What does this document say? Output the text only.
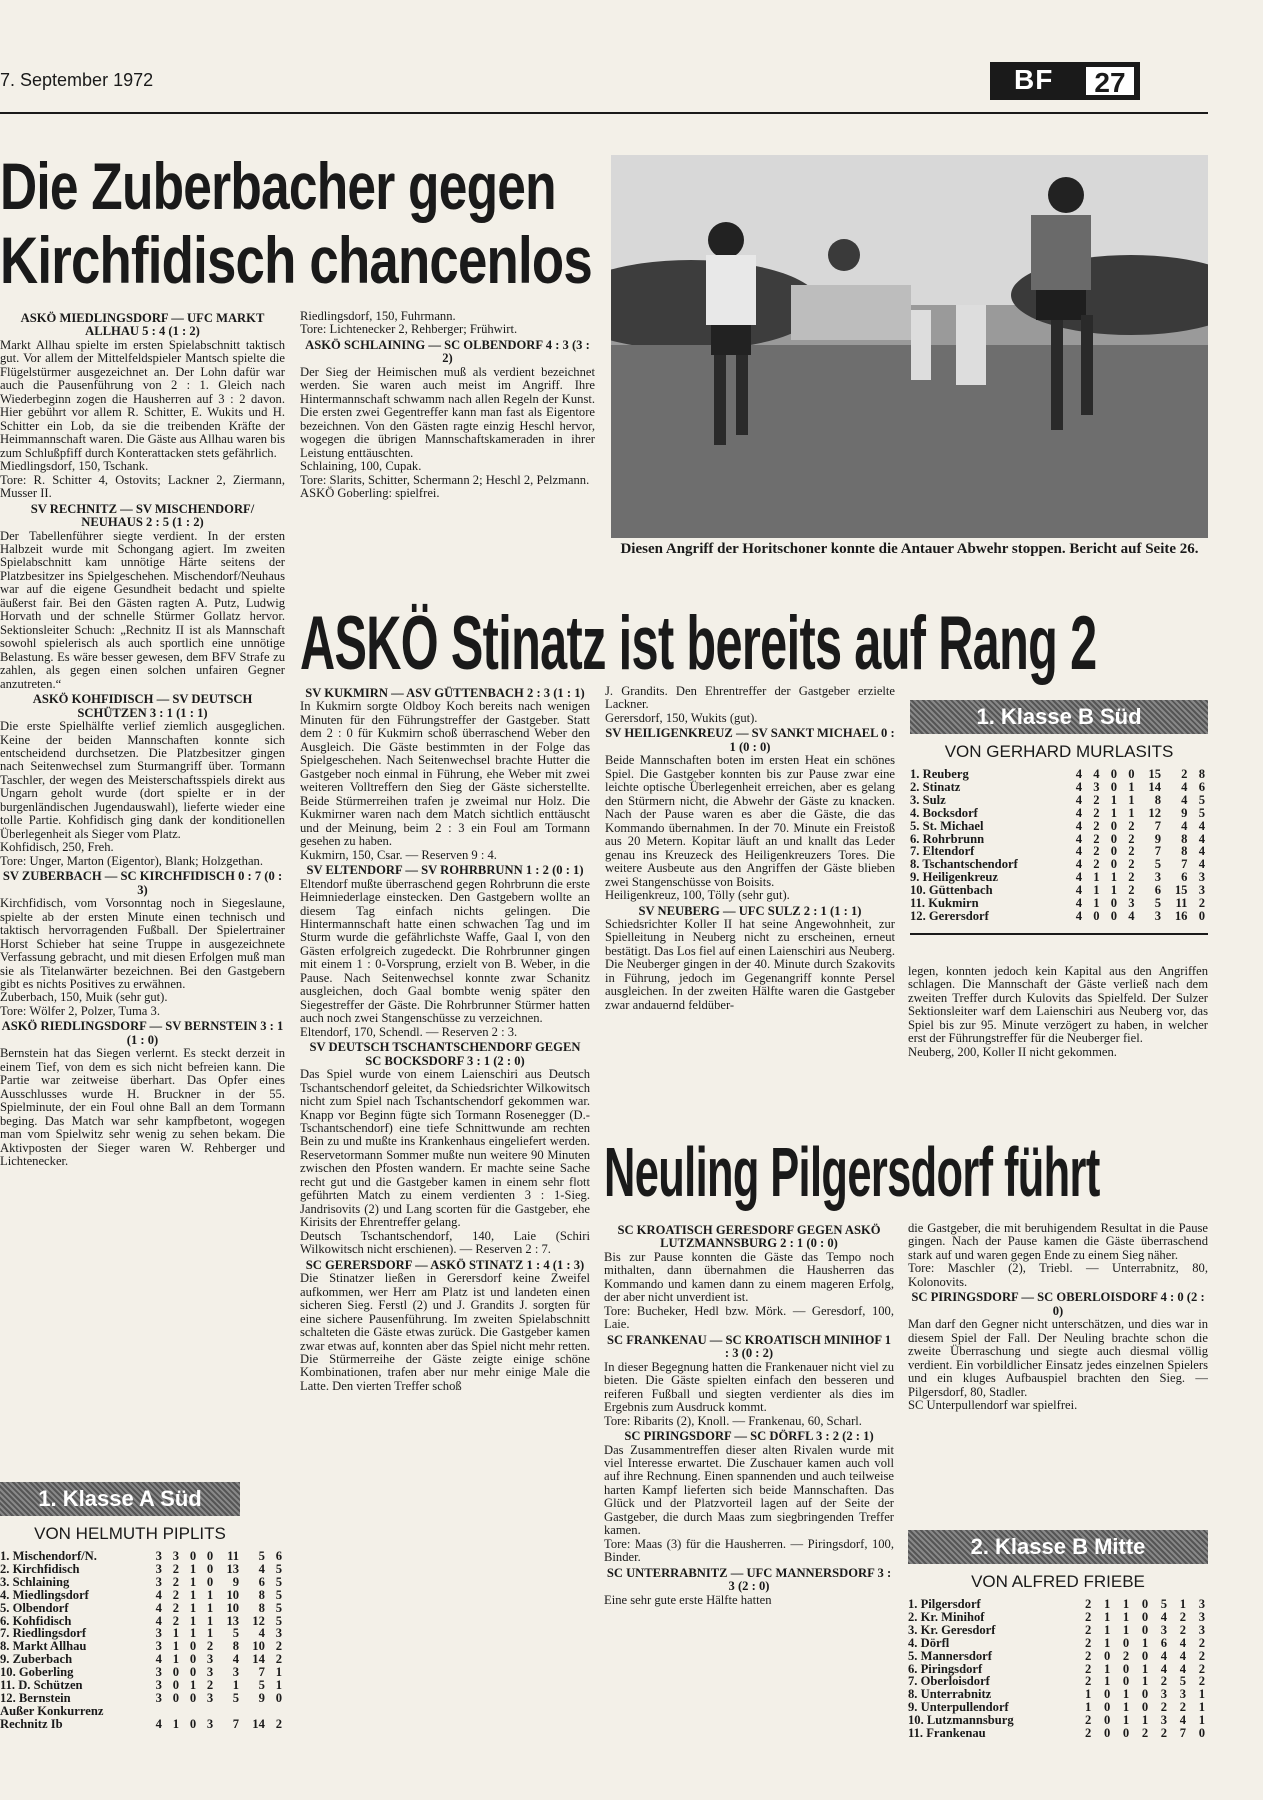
7. September 1972	BF	27
Die Zuberbacher gegen
Kirchfidisch chancenlos

ASKÖ MIEDLINGSDORF — UFC MARKT ALLHAU 5 : 4 (1 : 2)

Markt Allhau spielte im ersten Spielabschnitt taktisch gut. Vor allem der Mittelfeldspieler Mantsch spielte die Flügelstürmer ausgezeichnet an. Der Lohn dafür war auch die Pausenführung von 2 : 1. Gleich nach Wiederbeginn zogen die Hausherren auf 3 : 2 davon. Hier gebührt vor allem R. Schitter, E. Wukits und H. Schitter ein Lob, da sie die treibenden Kräfte der Heimmannschaft waren. Die Gäste aus Allhau waren bis zum Schlußpfiff durch Konterattacken stets gefährlich.

Miedlingsdorf, 150, Tschank.

Tore: R. Schitter 4, Ostovits; Lackner 2, Ziermann, Musser II.

SV RECHNITZ — SV MISCHENDORF/ NEUHAUS 2 : 5 (1 : 2)

Der Tabellenführer siegte verdient. In der ersten Halbzeit wurde mit Schongang agiert. Im zweiten Spielabschnitt kam unnötige Härte seitens der Platzbesitzer ins Spielgeschehen. Mischendorf/Neuhaus war auf die eigene Gesundheit bedacht und spielte äußerst fair. Bei den Gästen ragten A. Putz, Ludwig Horvath und der schnelle Stürmer Gollatz hervor. Sektionsleiter Schuch: „Rechnitz II ist als Mannschaft sowohl spielerisch als auch sportlich eine unnötige Belastung. Es wäre besser gewesen, dem BFV Strafe zu zahlen, als gegen einen solchen unfairen Gegner anzutreten.“

ASKÖ KOHFIDISCH — SV DEUTSCH SCHÜTZEN 3 : 1 (1 : 1)

Die erste Spielhälfte verlief ziemlich ausgeglichen. Keine der beiden Mannschaften konnte sich entscheidend durchsetzen. Die Platzbesitzer gingen nach Seitenwechsel zum Sturmangriff über. Tormann Taschler, der wegen des Meisterschaftsspiels direkt aus Ungarn geholt wurde (dort spielte er in der burgenländischen Jugendauswahl), lieferte wieder eine tolle Partie. Kohfidisch ging dank der konditionellen Überlegenheit als Sieger vom Platz.

Kohfidisch, 250, Freh.

Tore: Unger, Marton (Eigentor), Blank; Holzgethan.

SV ZUBERBACH — SC KIRCHFIDISCH 0 : 7 (0 : 3)

Kirchfidisch, vom Vorsonntag noch in Siegeslaune, spielte ab der ersten Minute einen technisch und taktisch hervorragenden Fußball. Der Spielertrainer Horst Schieber hat seine Truppe in ausgezeichnete Verfassung gebracht, und mit diesen Erfolgen muß man sie als Titelanwärter bezeichnen. Bei den Gastgebern gibt es nichts Positives zu erwähnen.

Zuberbach, 150, Muik (sehr gut).

Tore: Wölfer 2, Polzer, Tuma 3.

ASKÖ RIEDLINGSDORF — SV BERNSTEIN 3 : 1 (1 : 0)

Bernstein hat das Siegen verlernt. Es steckt derzeit in einem Tief, von dem es sich nicht befreien kann. Die Partie war zeitweise überhart. Das Opfer eines Ausschlusses wurde H. Bruckner in der 55. Spielminute, der ein Foul ohne Ball an dem Tormann beging. Das Match war sehr kampfbetont, wogegen man vom Spielwitz sehr wenig zu sehen bekam. Die Aktivposten der Sieger waren W. Rehberger und Lichtenecker.

Riedlingsdorf, 150, Fuhrmann.

Tore: Lichtenecker 2, Rehberger; Frühwirt.

ASKÖ SCHLAINING — SC OLBENDORF 4 : 3 (3 : 2)

Der Sieg der Heimischen muß als verdient bezeichnet werden. Sie waren auch meist im Angriff. Ihre Hintermannschaft schwamm nach allen Regeln der Kunst. Die ersten zwei Gegentreffer kann man fast als Eigentore bezeichnen. Von den Gästen ragte einzig Heschl hervor, wogegen die übrigen Mannschaftskameraden in ihrer Leistung enttäuschten.

Schlaining, 100, Cupak.

Tore: Slarits, Schitter, Schermann 2; Heschl 2, Pelzmann.

ASKÖ Goberling: spielfrei.

Diesen Angriff der Horitschoner konnte die Antauer Abwehr stoppen. Bericht auf Seite 26.
ASKÖ Stinatz ist bereits auf Rang 2

SV KUKMIRN — ASV GÜTTENBACH 2 : 3 (1 : 1)

In Kukmirn sorgte Oldboy Koch bereits nach wenigen Minuten für den Führungstreffer der Gastgeber. Statt dem 2 : 0 für Kukmirn schoß überraschend Weber den Ausgleich. Die Gäste bestimmten in der Folge das Spielgeschehen. Nach Seitenwechsel brachte Hutter die Gastgeber noch einmal in Führung, ehe Weber mit zwei weiteren Volltreffern den Sieg der Gäste sicherstellte. Beide Stürmerreihen trafen je zweimal nur Holz. Die Kukmirner waren nach dem Match sichtlich enttäuscht und der Meinung, beim 2 : 3 ein Foul am Tormann gesehen zu haben.

Kukmirn, 150, Csar. — Reserven 9 : 4.

SV ELTENDORF — SV ROHRBRUNN 1 : 2 (0 : 1)

Eltendorf mußte überraschend gegen Rohrbrunn die erste Heimniederlage einstecken. Den Gastgebern wollte an diesem Tag einfach nichts gelingen. Die Hintermannschaft hatte einen schwachen Tag und im Sturm wurde die gefährlichste Waffe, Gaal I, von den Gästen erfolgreich zugedeckt. Die Rohrbrunner gingen mit einem 1 : 0-Vorsprung, erzielt von B. Weber, in die Pause. Nach Seitenwechsel konnte zwar Schanitz ausgleichen, doch Gaal bombte wenig später den Siegestreffer der Gäste. Die Rohrbrunner Stürmer hatten auch noch zwei Stangenschüsse zu verzeichnen.

Eltendorf, 170, Schendl. — Reserven 2 : 3.

SV DEUTSCH TSCHANTSCHENDORF GEGEN SC BOCKSDORF 3 : 1 (2 : 0)

Das Spiel wurde von einem Laienschiri aus Deutsch Tschantschendorf geleitet, da Schiedsrichter Wilkowitsch nicht zum Spiel nach Tschantschendorf gekommen war. Knapp vor Beginn fügte sich Tormann Rosenegger (D.-Tschantschendorf) eine tiefe Schnittwunde am rechten Bein zu und mußte ins Krankenhaus eingeliefert werden. Reservetormann Sommer mußte nun weitere 90 Minuten zwischen den Pfosten wandern. Er machte seine Sache recht gut und die Gastgeber kamen in einem sehr flott geführten Match zu einem verdienten 3 : 1-Sieg. Jandrisovits (2) und Lang scorten für die Gastgeber, ehe Kirisits der Ehrentreffer gelang.

Deutsch Tschantschendorf, 140, Laie (Schiri Wilkowitsch nicht erschienen). — Reserven 2 : 7.

SC GERERSDORF — ASKÖ STINATZ 1 : 4 (1 : 3)

Die Stinatzer ließen in Gerersdorf keine Zweifel aufkommen, wer Herr am Platz ist und landeten einen sicheren Sieg. Ferstl (2) und J. Grandits J. sorgten für eine sichere Pausenführung. Im zweiten Spielabschnitt schalteten die Gäste etwas zurück. Die Gastgeber kamen zwar etwas auf, konnten aber das Spiel nicht mehr retten. Die Stürmerreihe der Gäste zeigte einige schöne Kombinationen, trafen aber nur mehr einige Male die Latte. Den vierten Treffer schoß

J. Grandits. Den Ehrentreffer der Gastgeber erzielte Lackner.

Gerersdorf, 150, Wukits (gut).

SV HEILIGENKREUZ — SV SANKT MICHAEL 0 : 1 (0 : 0)

Beide Mannschaften boten im ersten Heat ein schönes Spiel. Die Gastgeber konnten bis zur Pause zwar eine leichte optische Überlegenheit erreichen, aber es gelang den Stürmern nicht, die Abwehr der Gäste zu knacken. Nach der Pause waren es aber die Gäste, die das Kommando übernahmen. In der 70. Minute ein Freistoß aus 20 Metern. Kopitar läuft an und knallt das Leder genau ins Kreuzeck des Heiligenkreuzers Tores. Die weitere Ausbeute aus den Angriffen der Gäste blieben zwei Stangenschüsse von Boisits.

Heiligenkreuz, 100, Tölly (sehr gut).

SV NEUBERG — UFC SULZ 2 : 1 (1 : 1)

Schiedsrichter Koller II hat seine Angewohnheit, zur Spielleitung in Neuberg nicht zu erscheinen, erneut bestätigt. Das Los fiel auf einen Laienschiri aus Neuberg. Die Neuberger gingen in der 40. Minute durch Szakovits in Führung, jedoch im Gegenangriff konnte Persel ausgleichen. In der zweiten Hälfte waren die Gastgeber zwar andauernd feldüber-

1. Klasse B Süd
VON GERHARD MURLASITS
1. Reuberg	4	4	0	0	15	2	8
2. Stinatz	4	3	0	1	14	4	6
3. Sulz	4	2	1	1	8	4	5
4. Bocksdorf	4	2	1	1	12	9	5
5. St. Michael	4	2	0	2	7	4	4
6. Rohrbrunn	4	2	0	2	9	8	4
7. Eltendorf	4	2	0	2	7	8	4
8. Tschantschendorf	4	2	0	2	5	7	4
9. Heiligenkreuz	4	1	1	2	3	6	3
10. Güttenbach	4	1	1	2	6	15	3
11. Kukmirn	4	1	0	3	5	11	2
12. Gerersdorf	4	0	0	4	3	16	0

legen, konnten jedoch kein Kapital aus den Angriffen schlagen. Die Mannschaft der Gäste verließ nach dem zweiten Treffer durch Kulovits das Spielfeld. Der Sulzer Sektionsleiter warf dem Laienschiri aus Neuberg vor, das Spiel bis zur 95. Minute verzögert zu haben, in welcher erst der Führungstreffer für die Neuberger fiel.

Neuberg, 200, Koller II nicht gekommen.

Neuling Pilgersdorf führt

SC KROATISCH GERESDORF GEGEN ASKÖ LUTZMANNSBURG 2 : 1 (0 : 0)

Bis zur Pause konnten die Gäste das Tempo noch mithalten, dann übernahmen die Hausherren das Kommando und kamen dann zu einem mageren Erfolg, der aber nicht unverdient ist.

Tore: Bucheker, Hedl bzw. Mörk. — Geresdorf, 100, Laie.

SC FRANKENAU — SC KROATISCH MINIHOF 1 : 3 (0 : 2)

In dieser Begegnung hatten die Frankenauer nicht viel zu bieten. Die Gäste spielten einfach den besseren und reiferen Fußball und siegten verdienter als dies im Ergebnis zum Ausdruck kommt.

Tore: Ribarits (2), Knoll. — Frankenau, 60, Scharl.

SC PIRINGSDORF — SC DÖRFL 3 : 2 (2 : 1)

Das Zusammentreffen dieser alten Rivalen wurde mit viel Interesse erwartet. Die Zuschauer kamen auch voll auf ihre Rechnung. Einen spannenden und auch teilweise harten Kampf lieferten sich beide Mannschaften. Das Glück und der Platzvorteil lagen auf der Seite der Gastgeber, die durch Maas zum siegbringenden Treffer kamen.

Tore: Maas (3) für die Hausherren. — Piringsdorf, 100, Binder.

SC UNTERRABNITZ — UFC MANNERSDORF 3 : 3 (2 : 0)

Eine sehr gute erste Hälfte hatten

die Gastgeber, die mit beruhigendem Resultat in die Pause gingen. Nach der Pause kamen die Gäste überraschend stark auf und waren gegen Ende zu einem Sieg näher.

Tore: Maschler (2), Triebl. — Unterrabnitz, 80, Kolonovits.

SC PIRINGSDORF — SC OBERLOISDORF 4 : 0 (2 : 0)

Man darf den Gegner nicht unterschätzen, und dies war in diesem Spiel der Fall. Der Neuling brachte schon die zweite Überraschung und siegte auch diesmal völlig verdient. Ein vorbildlicher Einsatz jedes einzelnen Spielers und ein kluges Aufbauspiel brachten den Sieg. — Pilgersdorf, 80, Stadler.

SC Unterpullendorf war spielfrei.

1. Klasse A Süd
VON HELMUTH PIPLITS
1. Mischendorf/N.	3	3	0	0	11	5	6
2. Kirchfidisch	3	2	1	0	13	4	5
3. Schlaining	3	2	1	0	9	6	5
4. Miedlingsdorf	4	2	1	1	10	8	5
5. Olbendorf	4	2	1	1	10	8	5
6. Kohfidisch	4	2	1	1	13	12	5
7. Riedlingsdorf	3	1	1	1	5	4	3
8. Markt Allhau	3	1	0	2	8	10	2
9. Zuberbach	4	1	0	3	4	14	2
10. Goberling	3	0	0	3	3	7	1
11. D. Schützen	3	0	1	2	1	5	1
12. Bernstein	3	0	0	3	5	9	0
Außer Konkurrenz							
Rechnitz Ib	4	1	0	3	7	14	2
2. Klasse B Mitte
VON ALFRED FRIEBE
1. Pilgersdorf	2	1	1	0	5	1	3
2. Kr. Minihof	2	1	1	0	4	2	3
3. Kr. Geresdorf	2	1	1	0	3	2	3
4. Dörfl	2	1	0	1	6	4	2
5. Mannersdorf	2	0	2	0	4	4	2
6. Piringsdorf	2	1	0	1	4	4	2
7. Oberloisdorf	2	1	0	1	2	5	2
8. Unterrabnitz	1	0	1	0	3	3	1
9. Unterpullendorf	1	0	1	0	2	2	1
10. Lutzmannsburg	2	0	1	1	3	4	1
11. Frankenau	2	0	0	2	2	7	0
